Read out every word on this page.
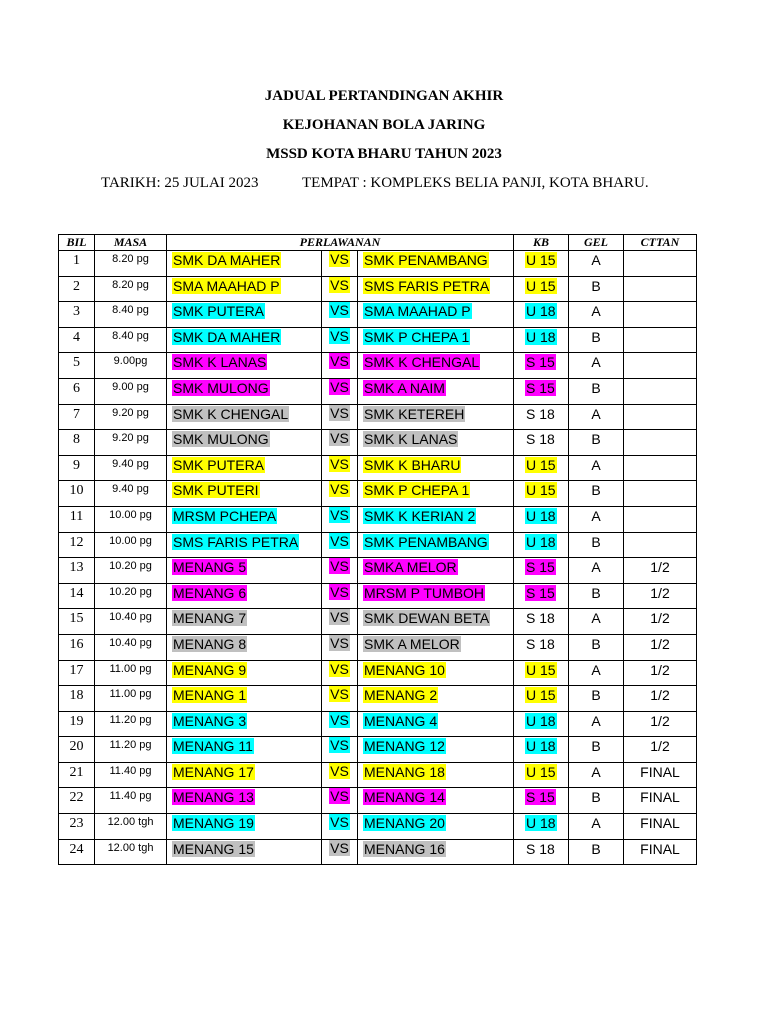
JADUAL PERTANDINGAN AKHIR
KEJOHANAN BOLA JARING
MSSD KOTA BHARU TAHUN 2023
TARIKH: 25 JULAI 2023	TEMPAT : KOMPLEKS BELIA PANJI, KOTA BHARU.
BIL	MASA	PERLAWANAN			KB	GEL	CTTAN
1	8.20 pg	SMK DA MAHER	VS	SMK PENAMBANG	U 15	A	
2	8.20 pg	SMA MAAHAD P	VS	SMS FARIS PETRA	U 15	B	
3	8.40 pg	SMK PUTERA	VS	SMA MAAHAD P	U 18	A	
4	8.40 pg	SMK DA MAHER	VS	SMK P CHEPA 1	U 18	B	
5	9.00pg	SMK K LANAS	VS	SMK K CHENGAL	S 15	A	
6	9.00 pg	SMK MULONG	VS	SMK A NAIM	S 15	B	
7	9.20 pg	SMK K CHENGAL	VS	SMK KETEREH	S 18	A	
8	9.20 pg	SMK MULONG	VS	SMK K LANAS	S 18	B	
9	9.40 pg	SMK PUTERA	VS	SMK K BHARU	U 15	A	
10	9.40 pg	SMK PUTERI	VS	SMK P CHEPA 1	U 15	B	
11	10.00 pg	MRSM PCHEPA	VS	SMK K KERIAN 2	U 18	A	
12	10.00 pg	SMS FARIS PETRA	VS	SMK PENAMBANG	U 18	B	
13	10.20 pg	MENANG 5	VS	SMKA MELOR	S 15	A	1/2
14	10.20 pg	MENANG 6	VS	MRSM P TUMBOH	S 15	B	1/2
15	10.40 pg	MENANG 7	VS	SMK DEWAN BETA	S 18	A	1/2
16	10.40 pg	MENANG 8	VS	SMK A MELOR	S 18	B	1/2
17	11.00 pg	MENANG 9	VS	MENANG 10	U 15	A	1/2
18	11.00 pg	MENANG 1	VS	MENANG 2	U 15	B	1/2
19	11.20 pg	MENANG 3	VS	MENANG 4	U 18	A	1/2
20	11.20 pg	MENANG 11	VS	MENANG 12	U 18	B	1/2
21	11.40 pg	MENANG 17	VS	MENANG 18	U 15	A	FINAL
22	11.40 pg	MENANG 13	VS	MENANG 14	S 15	B	FINAL
23	12.00 tgh	MENANG 19	VS	MENANG 20	U 18	A	FINAL
24	12.00 tgh	MENANG 15	VS	MENANG 16	S 18	B	FINAL
